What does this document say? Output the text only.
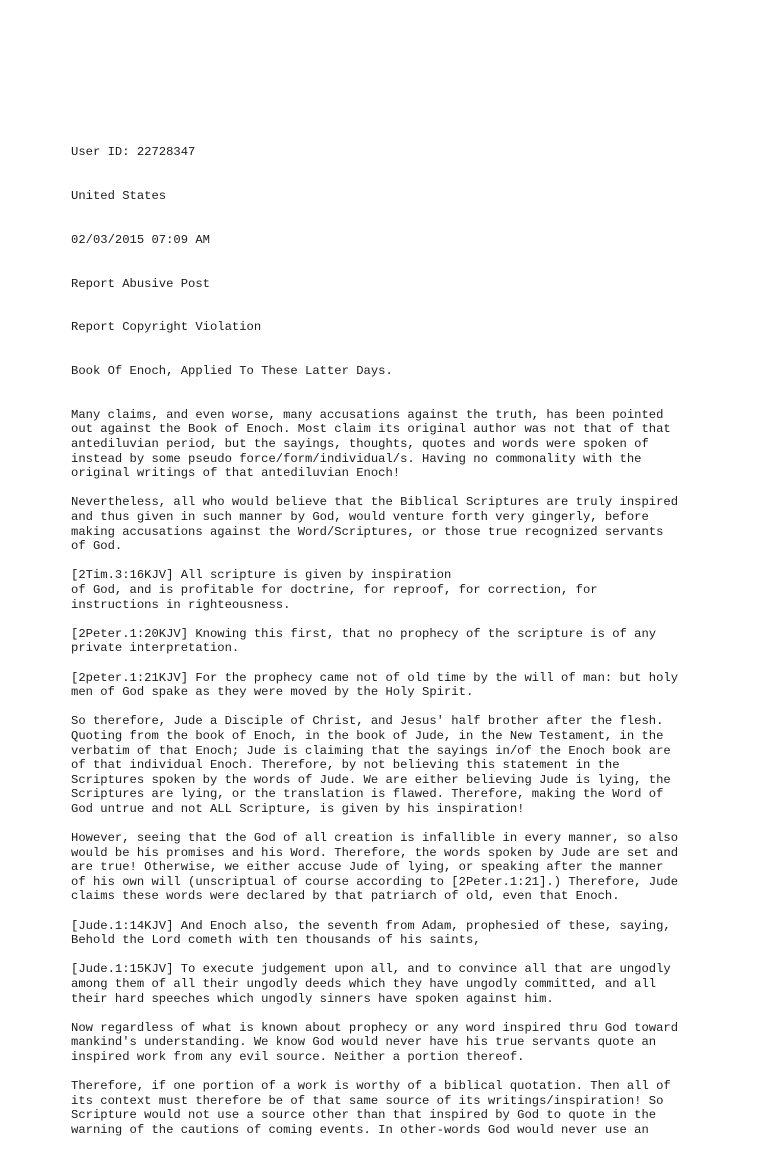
User ID: 22728347

United States

02/03/2015 07:09 AM

Report Abusive Post

Report Copyright Violation

Book Of Enoch, Applied To These Latter Days.

Many claims, and even worse, many accusations against the truth, has been pointed
out against the Book of Enoch. Most claim its original author was not that of that
antediluvian period, but the sayings, thoughts, quotes and words were spoken of
instead by some pseudo force/form/individual/s. Having no commonality with the
original writings of that antediluvian Enoch!
Nevertheless, all who would believe that the Biblical Scriptures are truly inspired
and thus given in such manner by God, would venture forth very gingerly, before
making accusations against the Word/Scriptures, or those true recognized servants
of God.
[2Tim.3:16KJV] All scripture is given by inspiration
of God, and is profitable for doctrine, for reproof, for correction, for
instructions in righteousness.
[2Peter.1:20KJV] Knowing this first, that no prophecy of the scripture is of any
private interpretation.
[2peter.1:21KJV] For the prophecy came not of old time by the will of man: but holy
men of God spake as they were moved by the Holy Spirit.
So therefore, Jude a Disciple of Christ, and Jesus' half brother after the flesh.
Quoting from the book of Enoch, in the book of Jude, in the New Testament, in the
verbatim of that Enoch; Jude is claiming that the sayings in/of the Enoch book are
of that individual Enoch. Therefore, by not believing this statement in the
Scriptures spoken by the words of Jude. We are either believing Jude is lying, the
Scriptures are lying, or the translation is flawed. Therefore, making the Word of
God untrue and not ALL Scripture, is given by his inspiration!
However, seeing that the God of all creation is infallible in every manner, so also
would be his promises and his Word. Therefore, the words spoken by Jude are set and
are true! Otherwise, we either accuse Jude of lying, or speaking after the manner
of his own will (unscriptual of course according to [2Peter.1:21].) Therefore, Jude
claims these words were declared by that patriarch of old, even that Enoch.
[Jude.1:14KJV] And Enoch also, the seventh from Adam, prophesied of these, saying,
Behold the Lord cometh with ten thousands of his saints,
[Jude.1:15KJV] To execute judgement upon all, and to convince all that are ungodly
among them of all their ungodly deeds which they have ungodly committed, and all
their hard speeches which ungodly sinners have spoken against him.
Now regardless of what is known about prophecy or any word inspired thru God toward
mankind's understanding. We know God would never have his true servants quote an
inspired work from any evil source. Neither a portion thereof.
Therefore, if one portion of a work is worthy of a biblical quotation. Then all of
its context must therefore be of that same source of its writings/inspiration! So
Scripture would not use a source other than that inspired by God to quote in the
warning of the cautions of coming events. In other-words God would never use an
